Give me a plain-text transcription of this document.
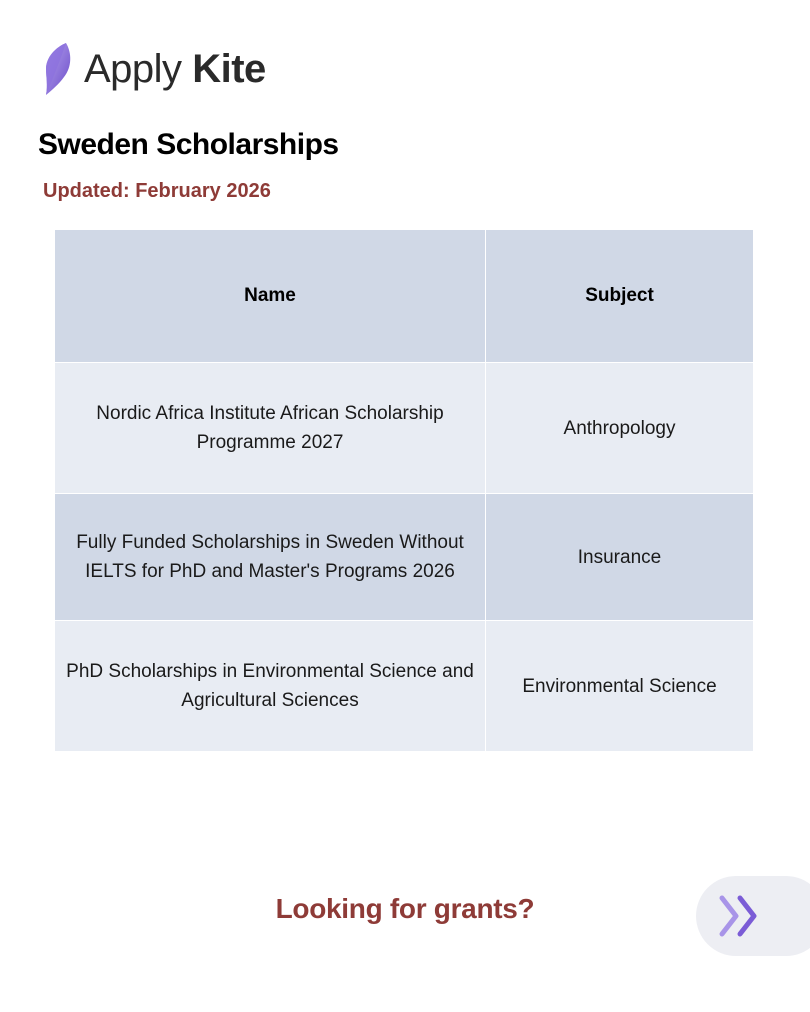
Apply Kite
Sweden Scholarships
Updated: February 2026
Name	Subject
Nordic Africa Institute African Scholarship Programme 2027	Anthropology
Fully Funded Scholarships in Sweden Without IELTS for PhD and Master's Programs 2026	Insurance
PhD Scholarships in Environmental Science and Agricultural Sciences	Environmental Science
Looking for grants?
